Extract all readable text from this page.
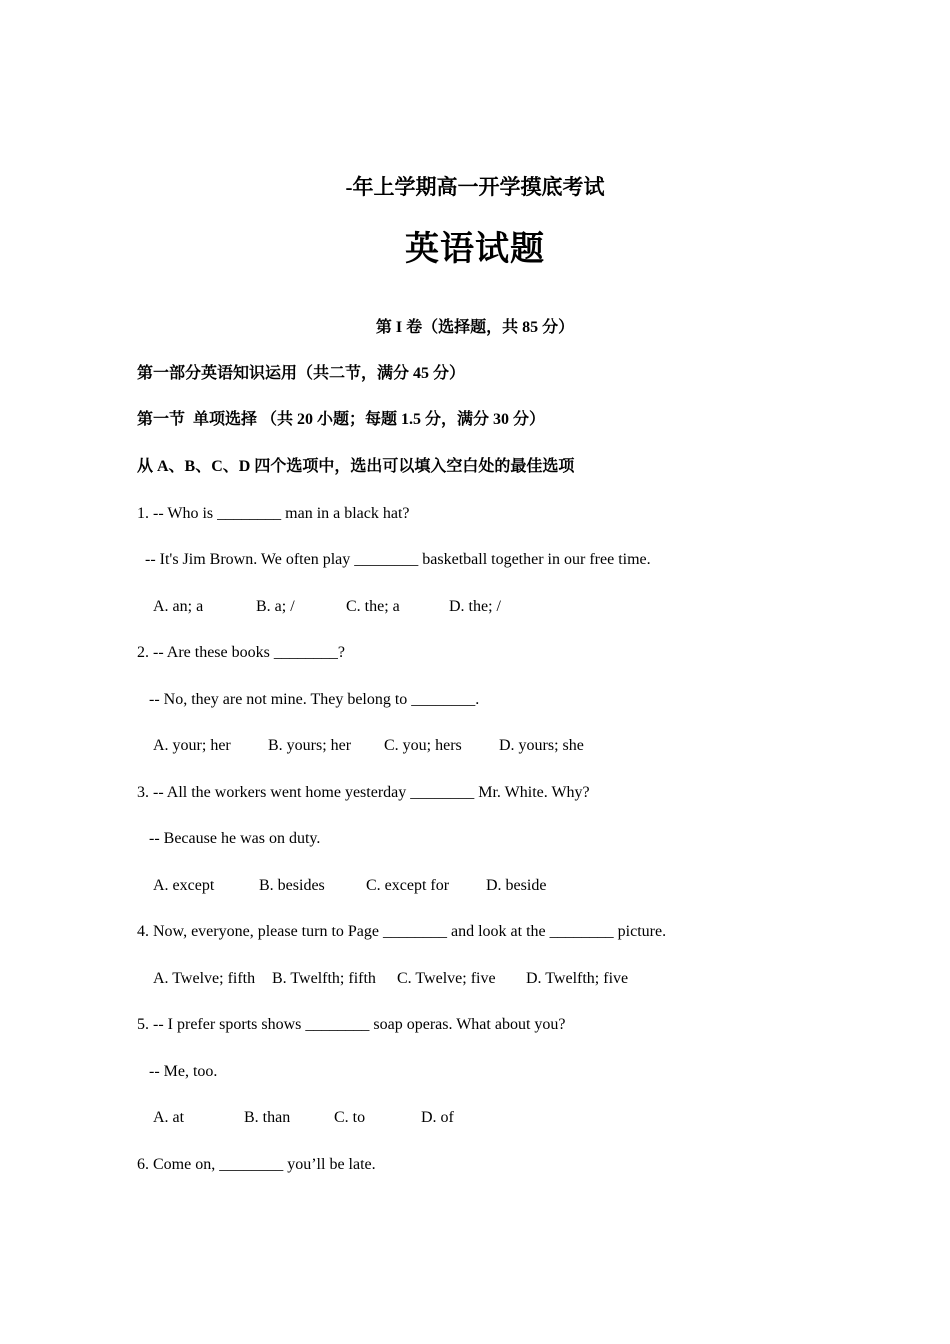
-年上学期高一开学摸底考试
英语试题
第 I 卷（选择题，共 85 分）
第一部分英语知识运用（共二节，满分 45 分）
第一节  单项选择 （共 20 小题；每题 1.5 分，满分 30 分）
从 A、B、C、D 四个选项中，选出可以填入空白处的最佳选项
1. -- Who is ________ man in a black hat?
-- It's Jim Brown. We often play ________ basketball together in our free time.
A. an; a	B. a; /	C. the; a	D. the; /
2. -- Are these books ________?
-- No, they are not mine. They belong to ________.
A. your; her B. yours; her C. you; hers D. yours; she
3. -- All the workers went home yesterday ________ Mr. White. Why?
-- Because he was on duty.
A. except	B. besides	C. except for D. beside
4. Now, everyone, please turn to Page ________ and look at the ________ picture.
A. Twelve; fifth B. Twelfth; fifth C. Twelve; five D. Twelfth; five
5. -- I prefer sports shows ________ soap operas. What about you?
-- Me, too.
A. at	B. than	C. to	D. of
6. Come on, ________ you’ll be late.
